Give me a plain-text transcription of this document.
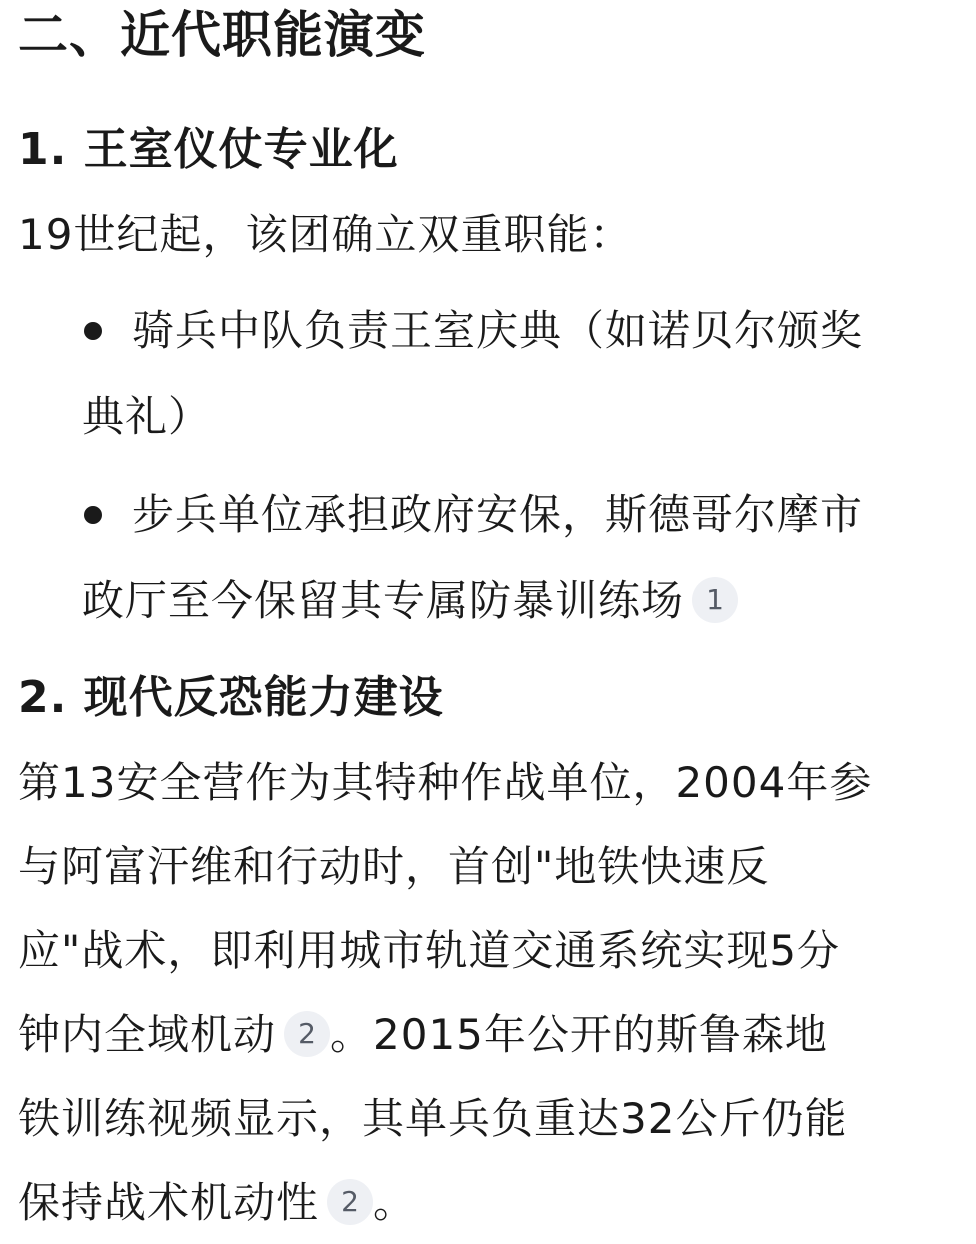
二、近代职能演变
1. 王室仪仗专业化
19世纪起，该团确立双重职能：
骑兵中队负责王室庆典（如诺贝尔颁奖
典礼）
步兵单位承担政府安保，斯德哥尔摩市
政厅至今保留其专属防暴训练场 1
2. 现代反恐能力建设
第13安全营作为其特种作战单位，2004年参
与阿富汗维和行动时，首创"地铁快速反
应"战术，即利用城市轨道交通系统实现5分
钟内全域机动 2 。2015年公开的斯鲁森地
铁训练视频显示，其单兵负重达32公斤仍能
保持战术机动性 2 。
